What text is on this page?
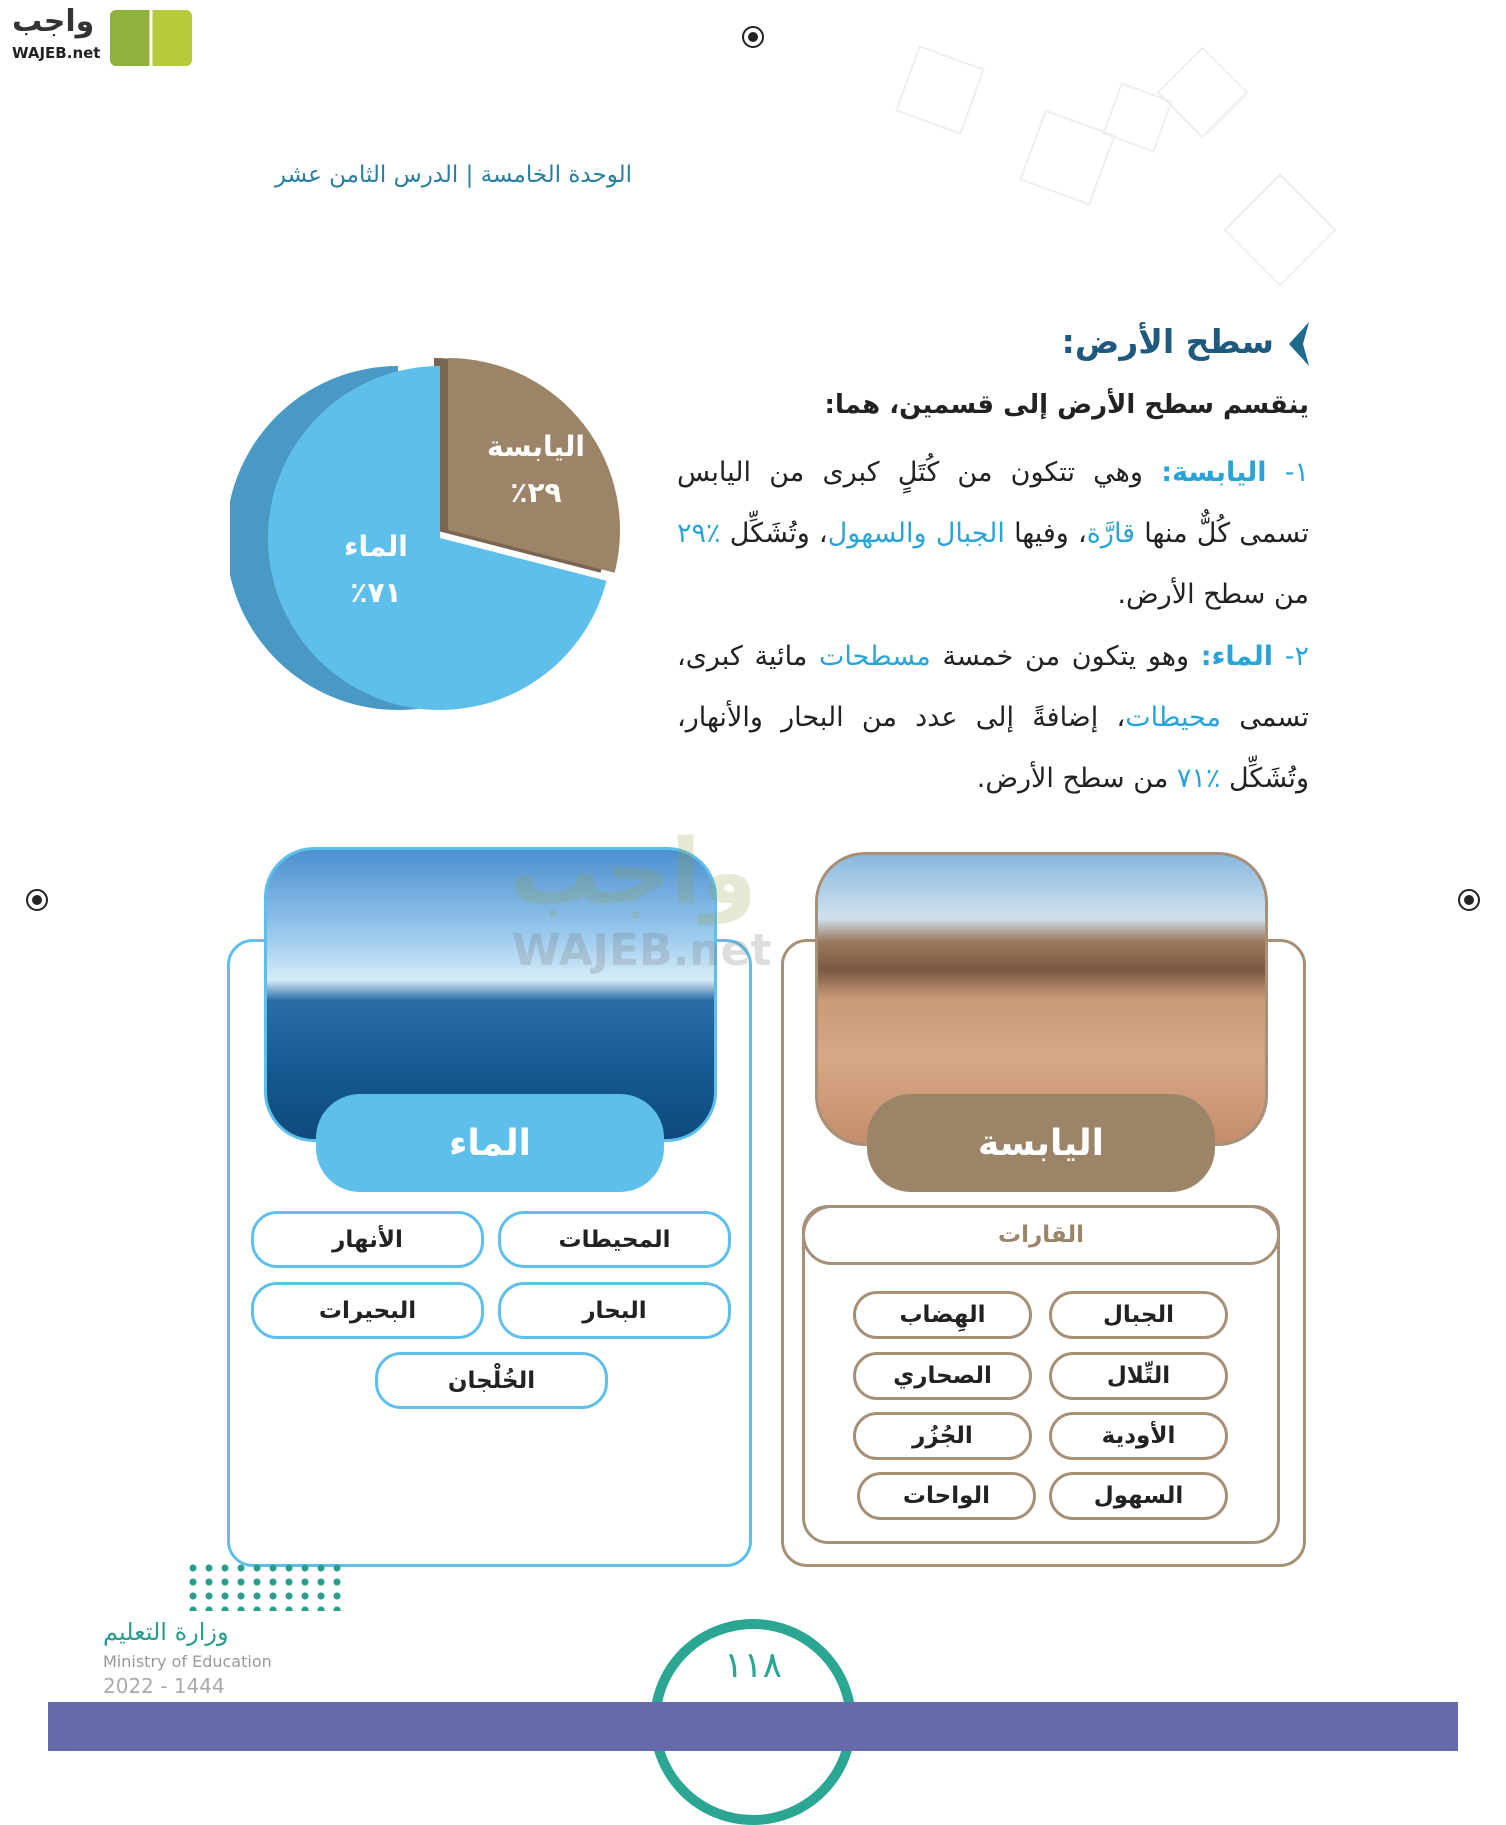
واجب
WAJEB.net
الوحدة الخامسة | الدرس الثامن عشر
سطح الأرض:
ينقسم سطح الأرض إلى قسمين، هما:
١- اليابسة: وهي تتكون من كُتَلٍ كبرى من اليابس تسمى كُلٌّ منها قارَّة، وفيها الجبال والسهول، وتُشَكِّل ٪٢٩ من سطح الأرض.
٢- الماء: وهو يتكون من خمسة مسطحات مائية كبرى، تسمى محيطات، إضافةً إلى عدد من البحار والأنهار، وتُشَكِّل ٪٧١ من سطح الأرض.
اليابسة
٪٢٩
الماء
٪٧١
الماء
المحيطات
الأنهار
البحار
البحيرات
الخُلْجان
واجب
WAJEB.net
اليابسة
القارات
الجبال
الهِضاب
التِّلال
الصحاري
الأودية
الجُزُر
السهول
الواحات
وزارة التعليم
Ministry of Education
2022 - 1444	١١٨
